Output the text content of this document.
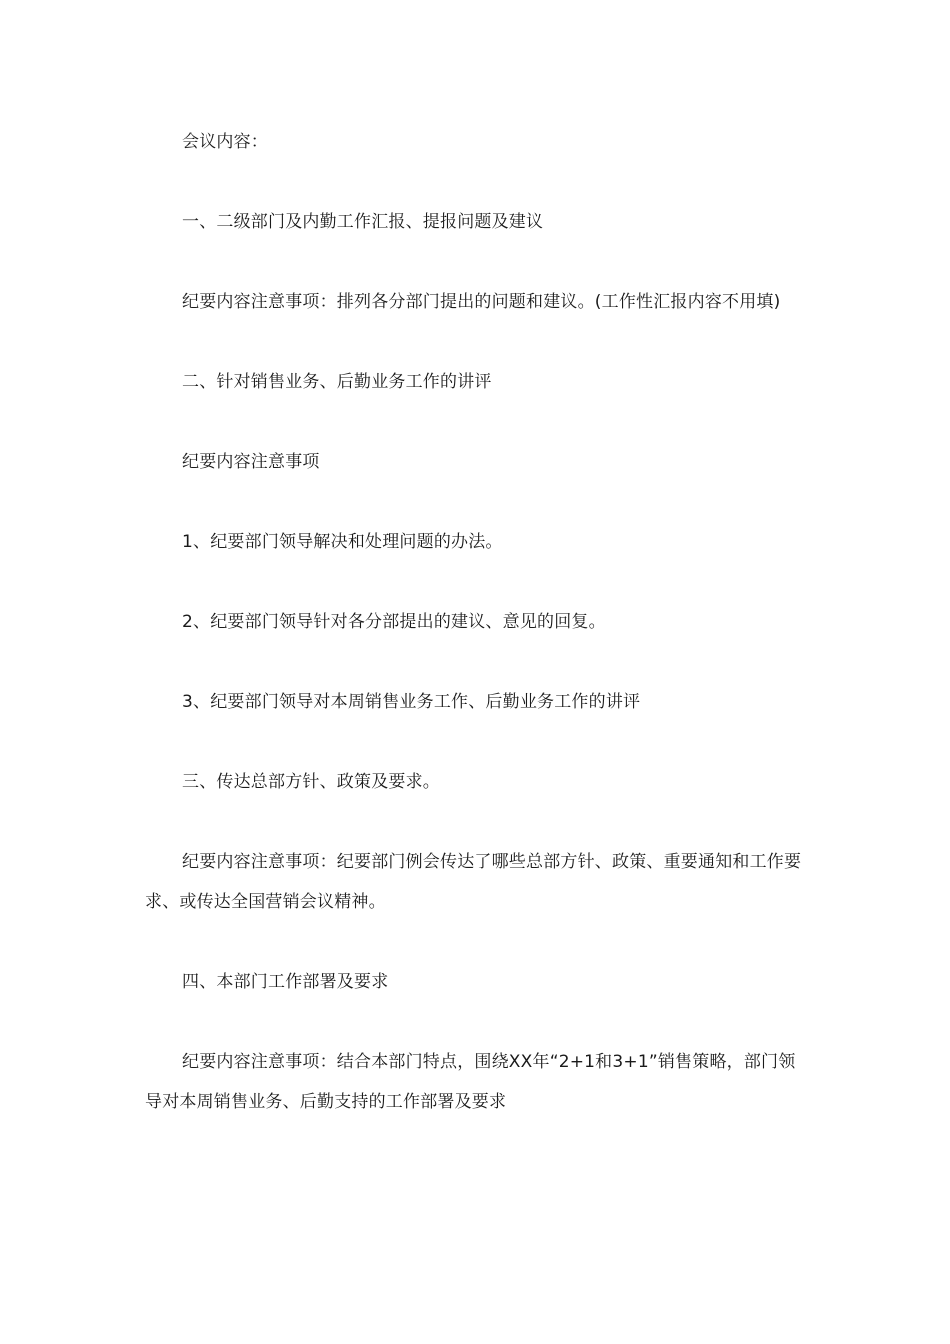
会议内容：

一、二级部门及内勤工作汇报、提报问题及建议

纪要内容注意事项：排列各分部门提出的问题和建议。(工作性汇报内容不用填)

二、针对销售业务、后勤业务工作的讲评

纪要内容注意事项

1、纪要部门领导解决和处理问题的办法。

2、纪要部门领导针对各分部提出的建议、意见的回复。

3、纪要部门领导对本周销售业务工作、后勤业务工作的讲评

三、传达总部方针、政策及要求。

纪要内容注意事项：纪要部门例会传达了哪些总部方针、政策、重要通知和工作要求、或传达全国营销会议精神。

四、本部门工作部署及要求

纪要内容注意事项：结合本部门特点，围绕XX年“2+1和3+1”销售策略，部门领导对本周销售业务、后勤支持的工作部署及要求
